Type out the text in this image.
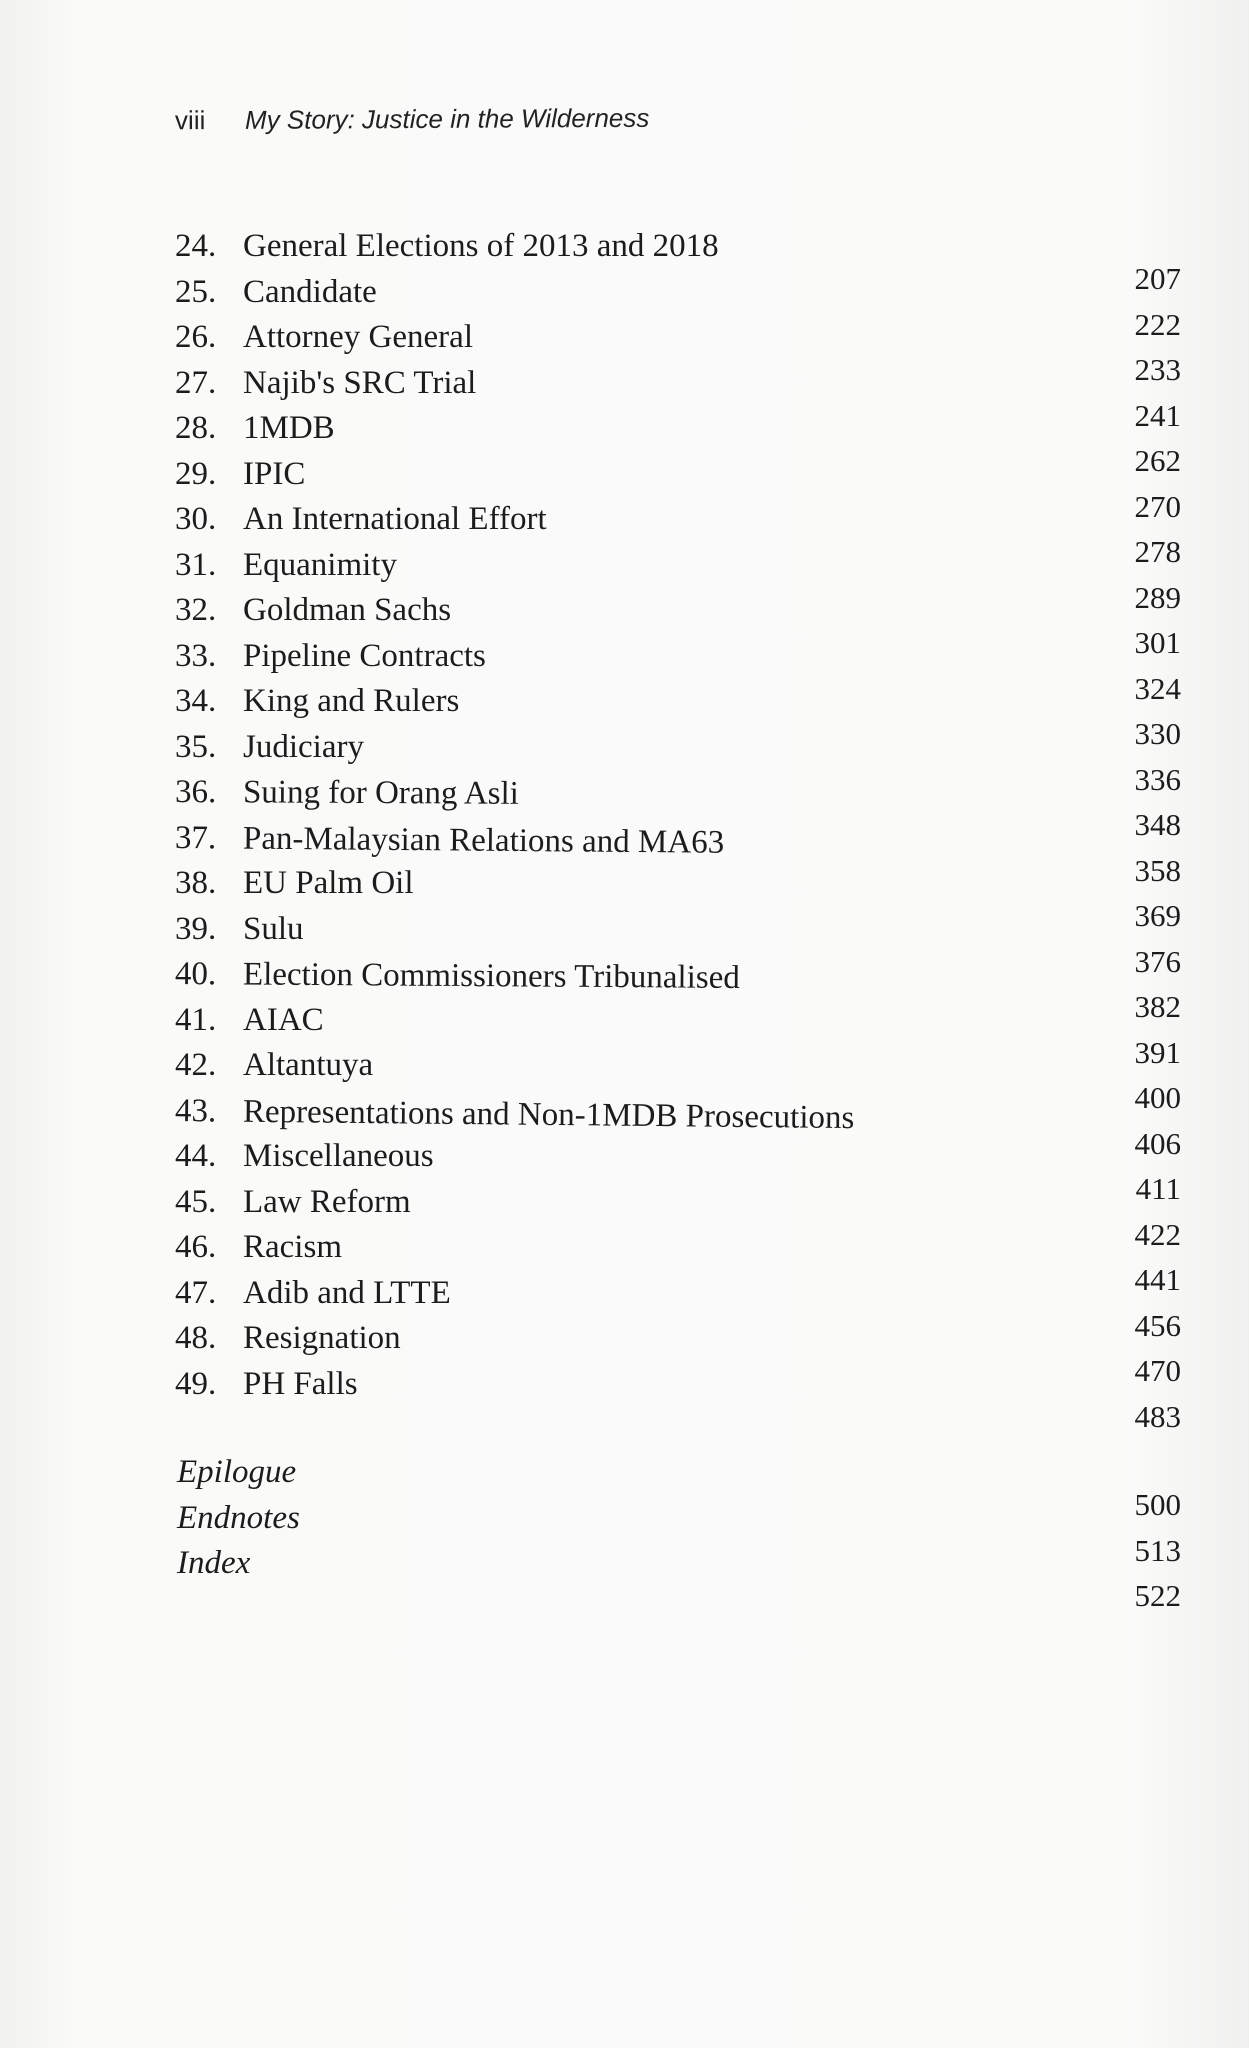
viii My Story: Justice in the Wilderness
24. General Elections of 2013 and 2018
25. Candidate
26. Attorney General
27. Najib's SRC Trial
28. 1MDB
29. IPIC
30. An International Effort
31. Equanimity
32. Goldman Sachs
33. Pipeline Contracts
34. King and Rulers
35. Judiciary
36. Suing for Orang Asli
37. Pan-Malaysian Relations and MA63
38. EU Palm Oil
39. Sulu
40. Election Commissioners Tribunalised
41. AIAC
42. Altantuya
43. Representations and Non-1MDB Prosecutions
44. Miscellaneous
45. Law Reform
46. Racism
47. Adib and LTTE
48. Resignation
49. PH Falls
207
222
233
241
262
270
278
289
301
324
330
336
348
358
369
376
382
391
400
406
411
422
441
456
470
483
500
513
522
Epilogue
Endnotes
Index
